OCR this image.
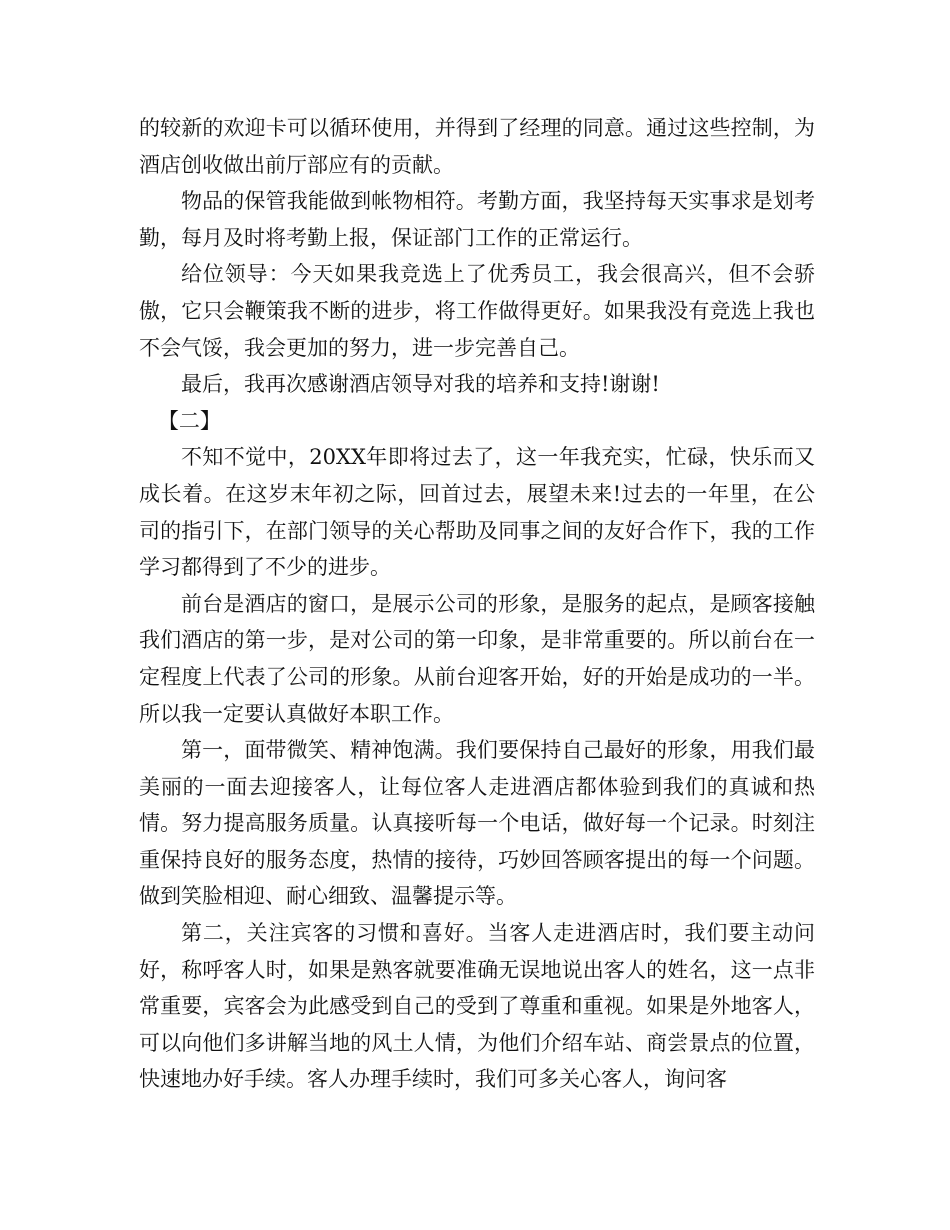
的较新的欢迎卡可以循环使用，并得到了经理的同意。通过这些控制，为酒店创收做出前厅部应有的贡献。

物品的保管我能做到帐物相符。考勤方面，我坚持每天实事求是划考勤，每月及时将考勤上报，保证部门工作的正常运行。

给位领导：今天如果我竞选上了优秀员工，我会很高兴，但不会骄傲，它只会鞭策我不断的进步，将工作做得更好。如果我没有竞选上我也不会气馁，我会更加的努力，进一步完善自己。

最后，我再次感谢酒店领导对我的培养和支持!谢谢!

【二】

不知不觉中，20XX年即将过去了，这一年我充实，忙碌，快乐而又成长着。在这岁末年初之际，回首过去，展望未来!过去的一年里，在公司的指引下，在部门领导的关心帮助及同事之间的友好合作下，我的工作学习都得到了不少的进步。

前台是酒店的窗口，是展示公司的形象，是服务的起点，是顾客接触我们酒店的第一步，是对公司的第一印象，是非常重要的。所以前台在一定程度上代表了公司的形象。从前台迎客开始，好的开始是成功的一半。所以我一定要认真做好本职工作。

第一，面带微笑、精神饱满。我们要保持自己最好的形象，用我们最美丽的一面去迎接客人，让每位客人走进酒店都体验到我们的真诚和热情。努力提高服务质量。认真接听每一个电话，做好每一个记录。时刻注重保持良好的服务态度，热情的接待，巧妙回答顾客提出的每一个问题。做到笑脸相迎、耐心细致、温馨提示等。

第二，关注宾客的习惯和喜好。当客人走进酒店时，我们要主动问好，称呼客人时，如果是熟客就要准确无误地说出客人的姓名，这一点非常重要，宾客会为此感受到自己的受到了尊重和重视。如果是外地客人，可以向他们多讲解当地的风土人情，为他们介绍车站、商尝景点的位置，快速地办好手续。客人办理手续时，我们可多关心客人，询问客
